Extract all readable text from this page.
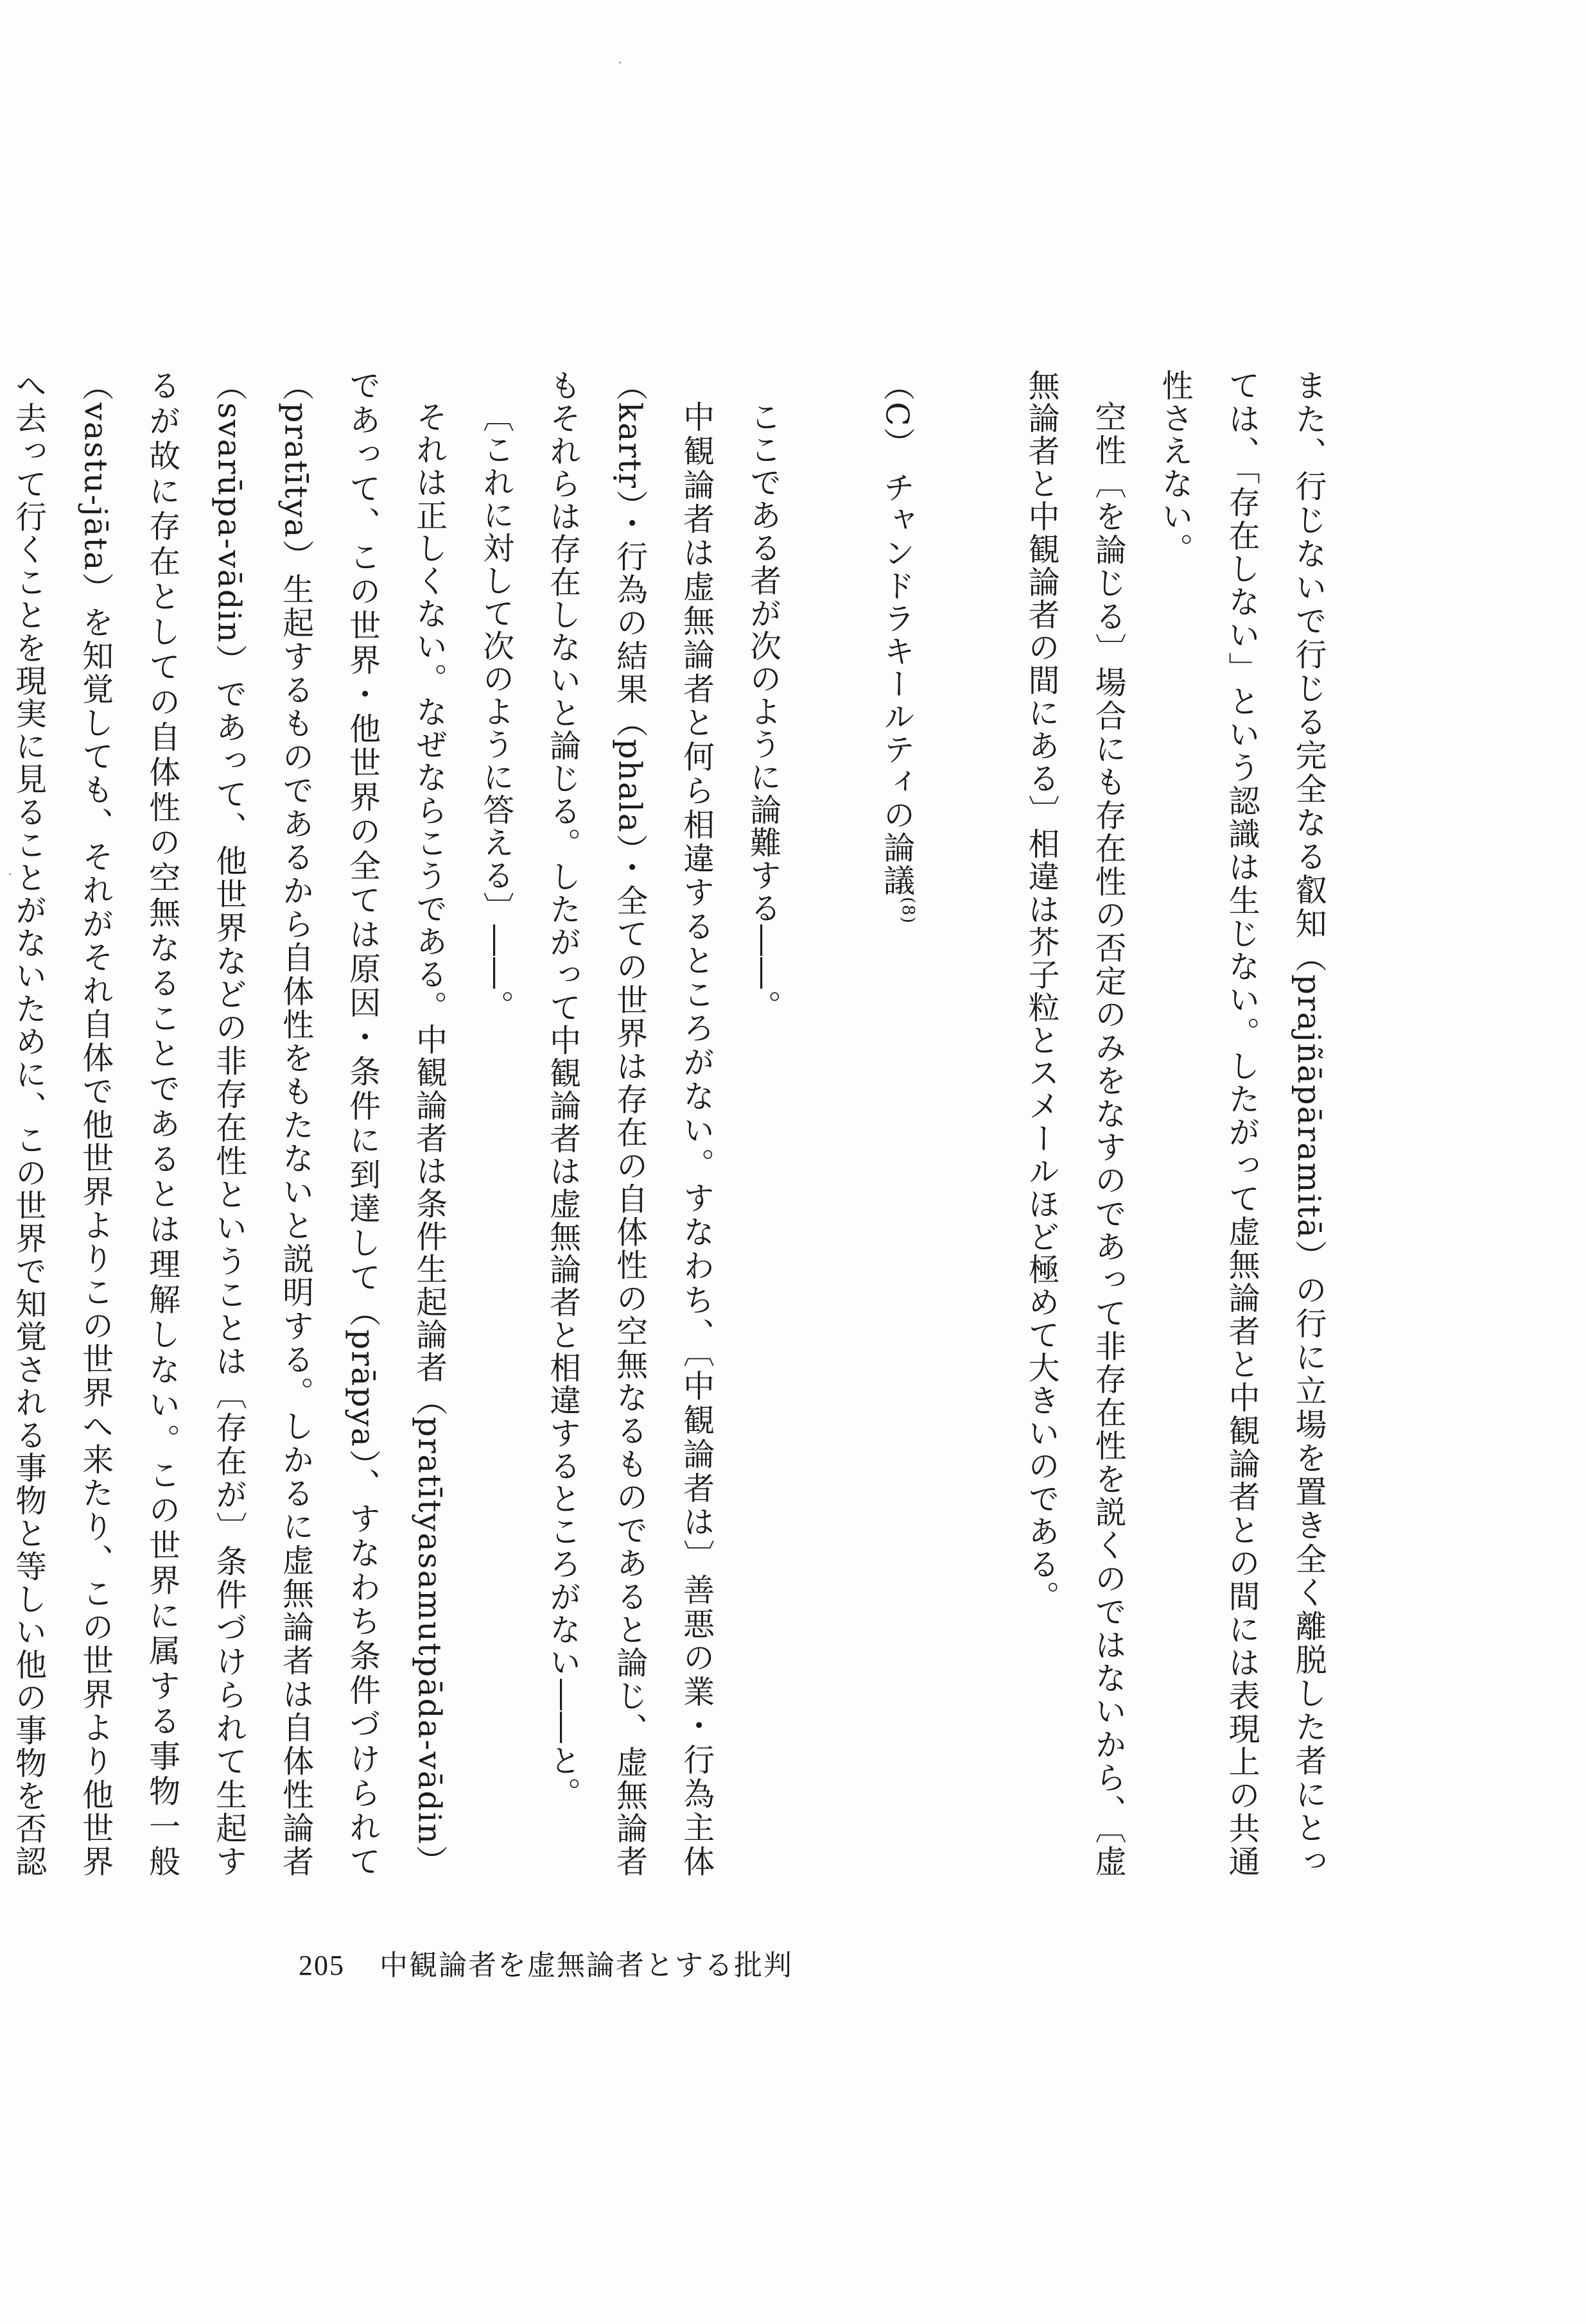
また、行じないで行じる完全なる叡知（prajñāpāramitā）の行に立場を置き全く離脱した者にとっては、「存在しない」という認識は生じない。したがって虚無論者と中観論者との間には表現上の共通性さえない。

空性〔を論じる〕場合にも存在性の否定のみをなすのであって非存在性を説くのではないから、〔虚無論者と中観論者の間にある〕相違は芥子粒とスメールほど極めて大きいのである。

（C） チャンドラキールティの論議$^{(8)}$

ここである者が次のように論難する――。

中観論者は虚無論者と何ら相違するところがない。すなわち、〔中観論者は〕善悪の業・行為主体（kartṛ）・行為の結果（phala）・全ての世界は存在の自体性の空無なるものであると論じ、虚無論者もそれらは存在しないと論じる。したがって中観論者は虚無論者と相違するところがない――と。

〔これに対して次のように答える〕――。

それは正しくない。なぜならこうである。中観論者は条件生起論者（pratītyasamutpāda-vādin）であって、この世界・他世界の全ては原因・条件に到達して（prāpya）、すなわち条件づけられて（pratītya）生起するものであるから自体性をもたないと説明する。しかるに虚無論者は自体性論者（svarūpa-vādin）であって、他世界などの非存在性ということは〔存在が〕条件づけられて生起するが故に存在としての自体性の空無なることであるとは理解しない。この世界に属する事物一般（vastu-jāta）を知覚しても、それがそれ自体で他世界よりこの世界へ来たり、この世界より他世界へ去って行くことを現実に見ることがないために、この世界で知覚される事物と等しい他の事物を否認

205 中観論者を虚無論者とする批判
